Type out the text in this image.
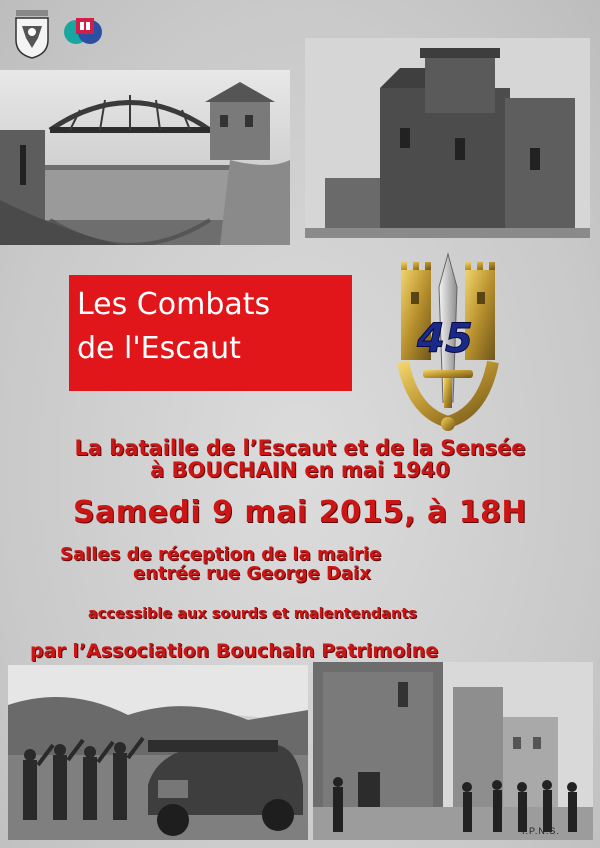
Les Combats
de l'Escaut	45
La bataille de l’Escaut et de la Sensée
à BOUCHAIN en mai 1940
Samedi 9 mai 2015, à 18H
Salles de réception de la mairie
entrée rue George Daix
accessible aux sourds et malentendants
par l’Association Bouchain Patrimoine
I.P.N.S.
